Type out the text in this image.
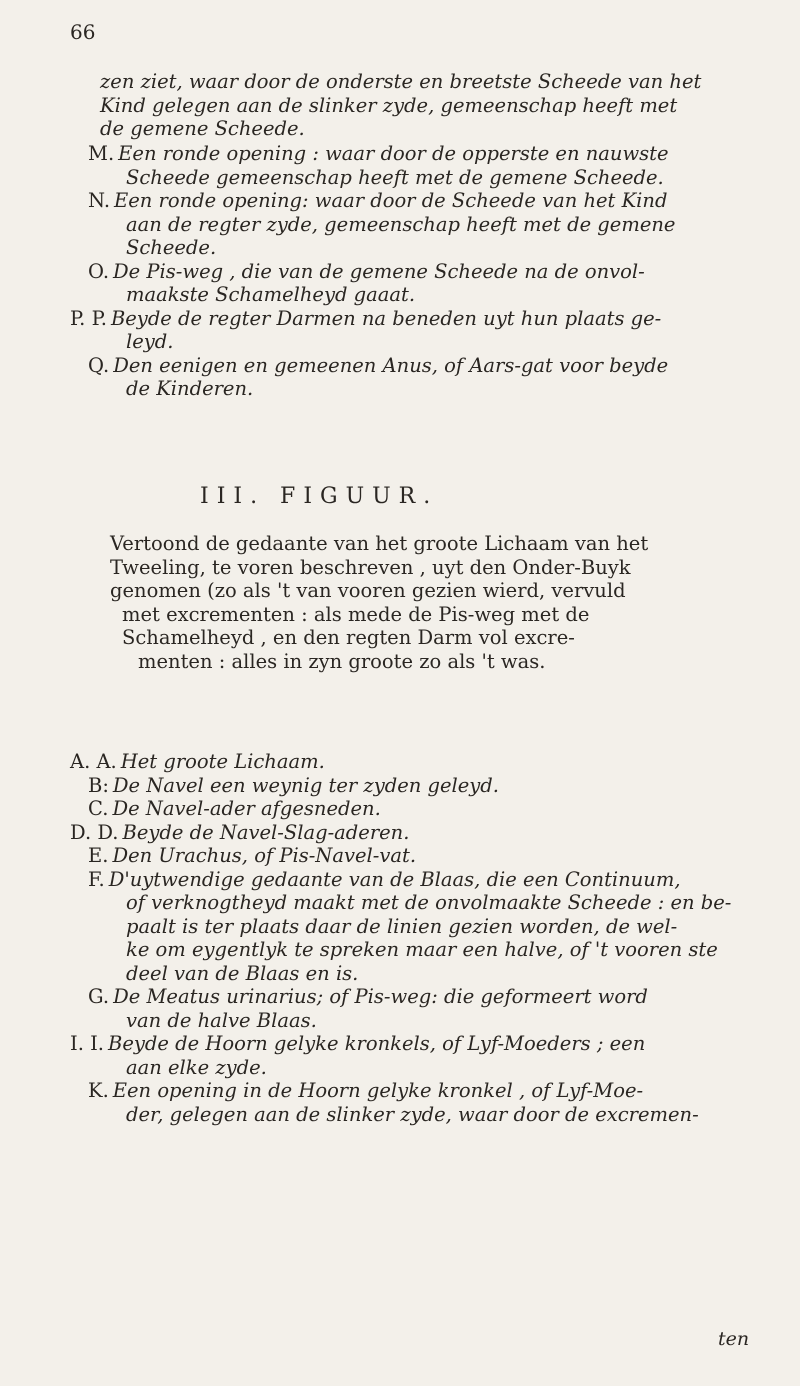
66
zen ziet, waar door de onderste en breetste Scheede van het
Kind gelegen aan de slinker zyde, gemeenschap heeft met
de gemene Scheede.
M. Een ronde opening : waar door de opperste en nauwste
Scheede gemeenschap heeft met de gemene Scheede.
N. Een ronde opening: waar door de Scheede van het Kind
aan de regter zyde, gemeenschap heeft met de gemene
Scheede.
O. De Pis-weg , die van de gemene Scheede na de onvol-
maakste Schamelheyd gaaat.
P. P. Beyde de regter Darmen na beneden uyt hun plaats ge-
leyd.
Q. Den eenigen en gemeenen Anus, of Aars-gat voor beyde
de Kinderen.
III. FIGUUR.
Vertoond de gedaante van het groote Lichaam van het
Tweeling, te voren beschreven , uyt den Onder-Buyk
genomen (zo als 't van vooren gezien wierd, vervuld
met excrementen : als mede de Pis-weg met de
Schamelheyd , en den regten Darm vol excre-
menten : alles in zyn groote zo als 't was.
A. A. Het groote Lichaam.
B: De Navel een weynig ter zyden geleyd.
C. De Navel-ader afgesneden.
D. D. Beyde de Navel-Slag-aderen.
E. Den Urachus, of Pis-Navel-vat.
F. D'uytwendige gedaante van de Blaas, die een Continuum,
of verknogtheyd maakt met de onvolmaakte Scheede : en be-
paalt is ter plaats daar de linien gezien worden, de wel-
ke om eygentlyk te spreken maar een halve, of 't vooren ste
deel van de Blaas en is.
G. De Meatus urinarius; of Pis-weg: die geformeert word
van de halve Blaas.
I. I. Beyde de Hoorn gelyke kronkels, of Lyf-Moeders ; een
aan elke zyde.
K. Een opening in de Hoorn gelyke kronkel , of Lyf-Moe-
der, gelegen aan de slinker zyde, waar door de excremen-
ten
